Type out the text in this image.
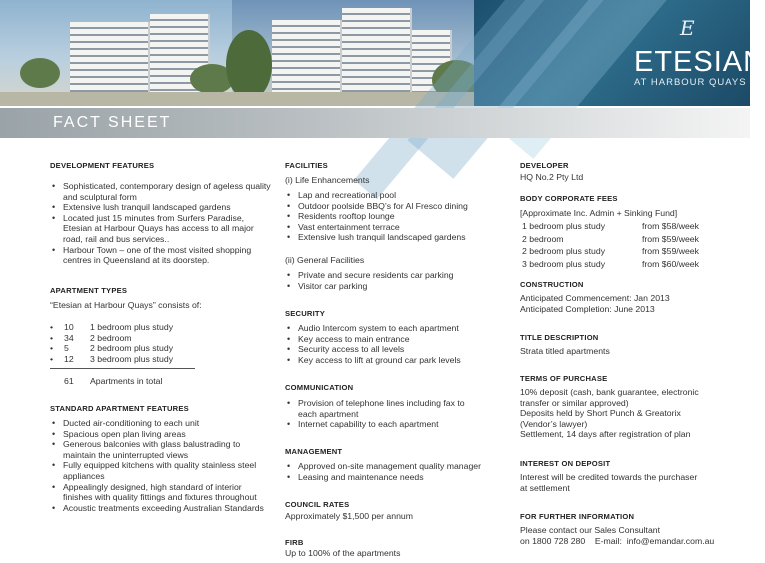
E
ETESIAN
AT HARBOUR QUAYS
FACT SHEET
DEVELOPMENT FEATURES
• Sophisticated, contemporary design of ageless quality and sculptural form
• Extensive lush tranquil landscaped gardens
• Located just 15 minutes from Surfers Paradise, Etesian at Harbour Quays has access to all major road, rail and bus services..
• Harbour Town – one of the most visited shopping centres in Queensland at its doorstep.
APARTMENT TYPES
“Etesian at Harbour Quays” consists of:
•	10	1 bedroom plus study
•	34	2 bedroom
•	5	2 bedroom plus study
•	12	3 bedroom plus study
	61	Apartments in total
STANDARD APARTMENT FEATURES
• Ducted air-conditioning to each unit
• Spacious open plan living areas
• Generous balconies with glass balustrading to maintain the uninterrupted views
• Fully equipped kitchens with quality stainless steel appliances
• Appealingly designed, high standard of interior finishes with quality fittings and fixtures throughout
• Acoustic treatments exceeding Australian Standards
FACILITIES
(i) Life Enhancements
• Lap and recreational pool
• Outdoor poolside BBQ’s for Al Fresco dining
• Residents rooftop lounge
• Vast entertainment terrace
• Extensive lush tranquil landscaped gardens
(ii) General Facilities
• Private and secure residents car parking
• Visitor car parking
SECURITY
• Audio Intercom system to each apartment
• Key access to main entrance
• Security access to all levels
• Key access to lift at ground car park levels
COMMUNICATION
• Provision of telephone lines including fax to each apartment
• Internet capability to each apartment
MANAGEMENT
• Approved on-site management quality manager
• Leasing and maintenance needs
COUNCIL RATES
Approximately $1,500 per annum
FIRB
Up to 100% of the apartments
DEVELOPER
HQ No.2 Pty Ltd
BODY CORPORATE FEES
[Approximate Inc. Admin + Sinking Fund]
1 bedroom plus study	from $58/week
2 bedroom	from $59/week
2 bedroom plus study	from $59/week
3 bedroom plus study	from $60/week
CONSTRUCTION
Anticipated Commencement: Jan 2013
Anticipated Completion: June 2013
TITLE DESCRIPTION
Strata titled apartments
TERMS OF PURCHASE
10% deposit (cash, bank guarantee, electronic
transfer or similar approved)
Deposits held by Short Punch & Greatorix
(Vendor’s lawyer)
Settlement, 14 days after registration of plan
INTEREST ON DEPOSIT
Interest will be credited towards the purchaser
at settlement
FOR FURTHER INFORMATION
Please contact our Sales Consultant
on 1800 728 280    E-mail:  info@emandar.com.au
